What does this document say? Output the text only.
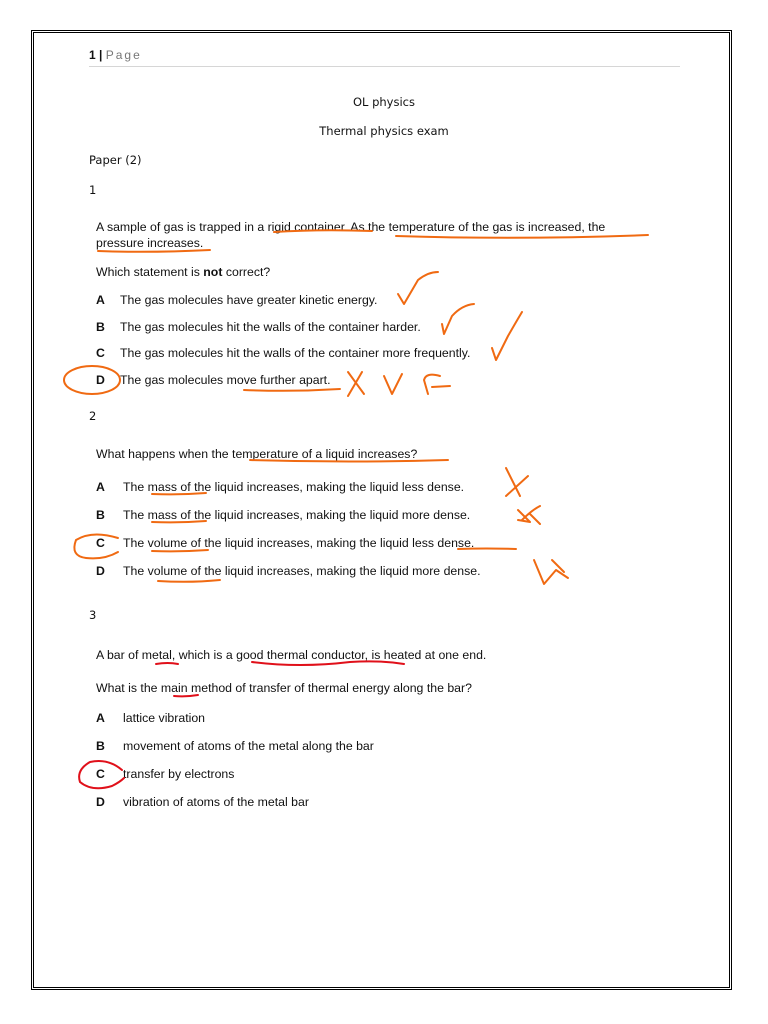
1 | Page
OL physics
Thermal physics exam
Paper (2)
1
A sample of gas is trapped in a rigid container. As the temperature of the gas is increased, the
pressure increases.
Which statement is not correct?
A The gas molecules have greater kinetic energy.
B The gas molecules hit the walls of the container harder.
C The gas molecules hit the walls of the container more frequently.
D The gas molecules move further apart.
2
What happens when the temperature of a liquid increases?
A The mass of the liquid increases, making the liquid less dense.
B The mass of the liquid increases, making the liquid more dense.
C The volume of the liquid increases, making the liquid less dense.
D The volume of the liquid increases, making the liquid more dense.
3
A bar of metal, which is a good thermal conductor, is heated at one end.
What is the main method of transfer of thermal energy along the bar?
A lattice vibration
B movement of atoms of the metal along the bar
C transfer by electrons
D vibration of atoms of the metal bar
